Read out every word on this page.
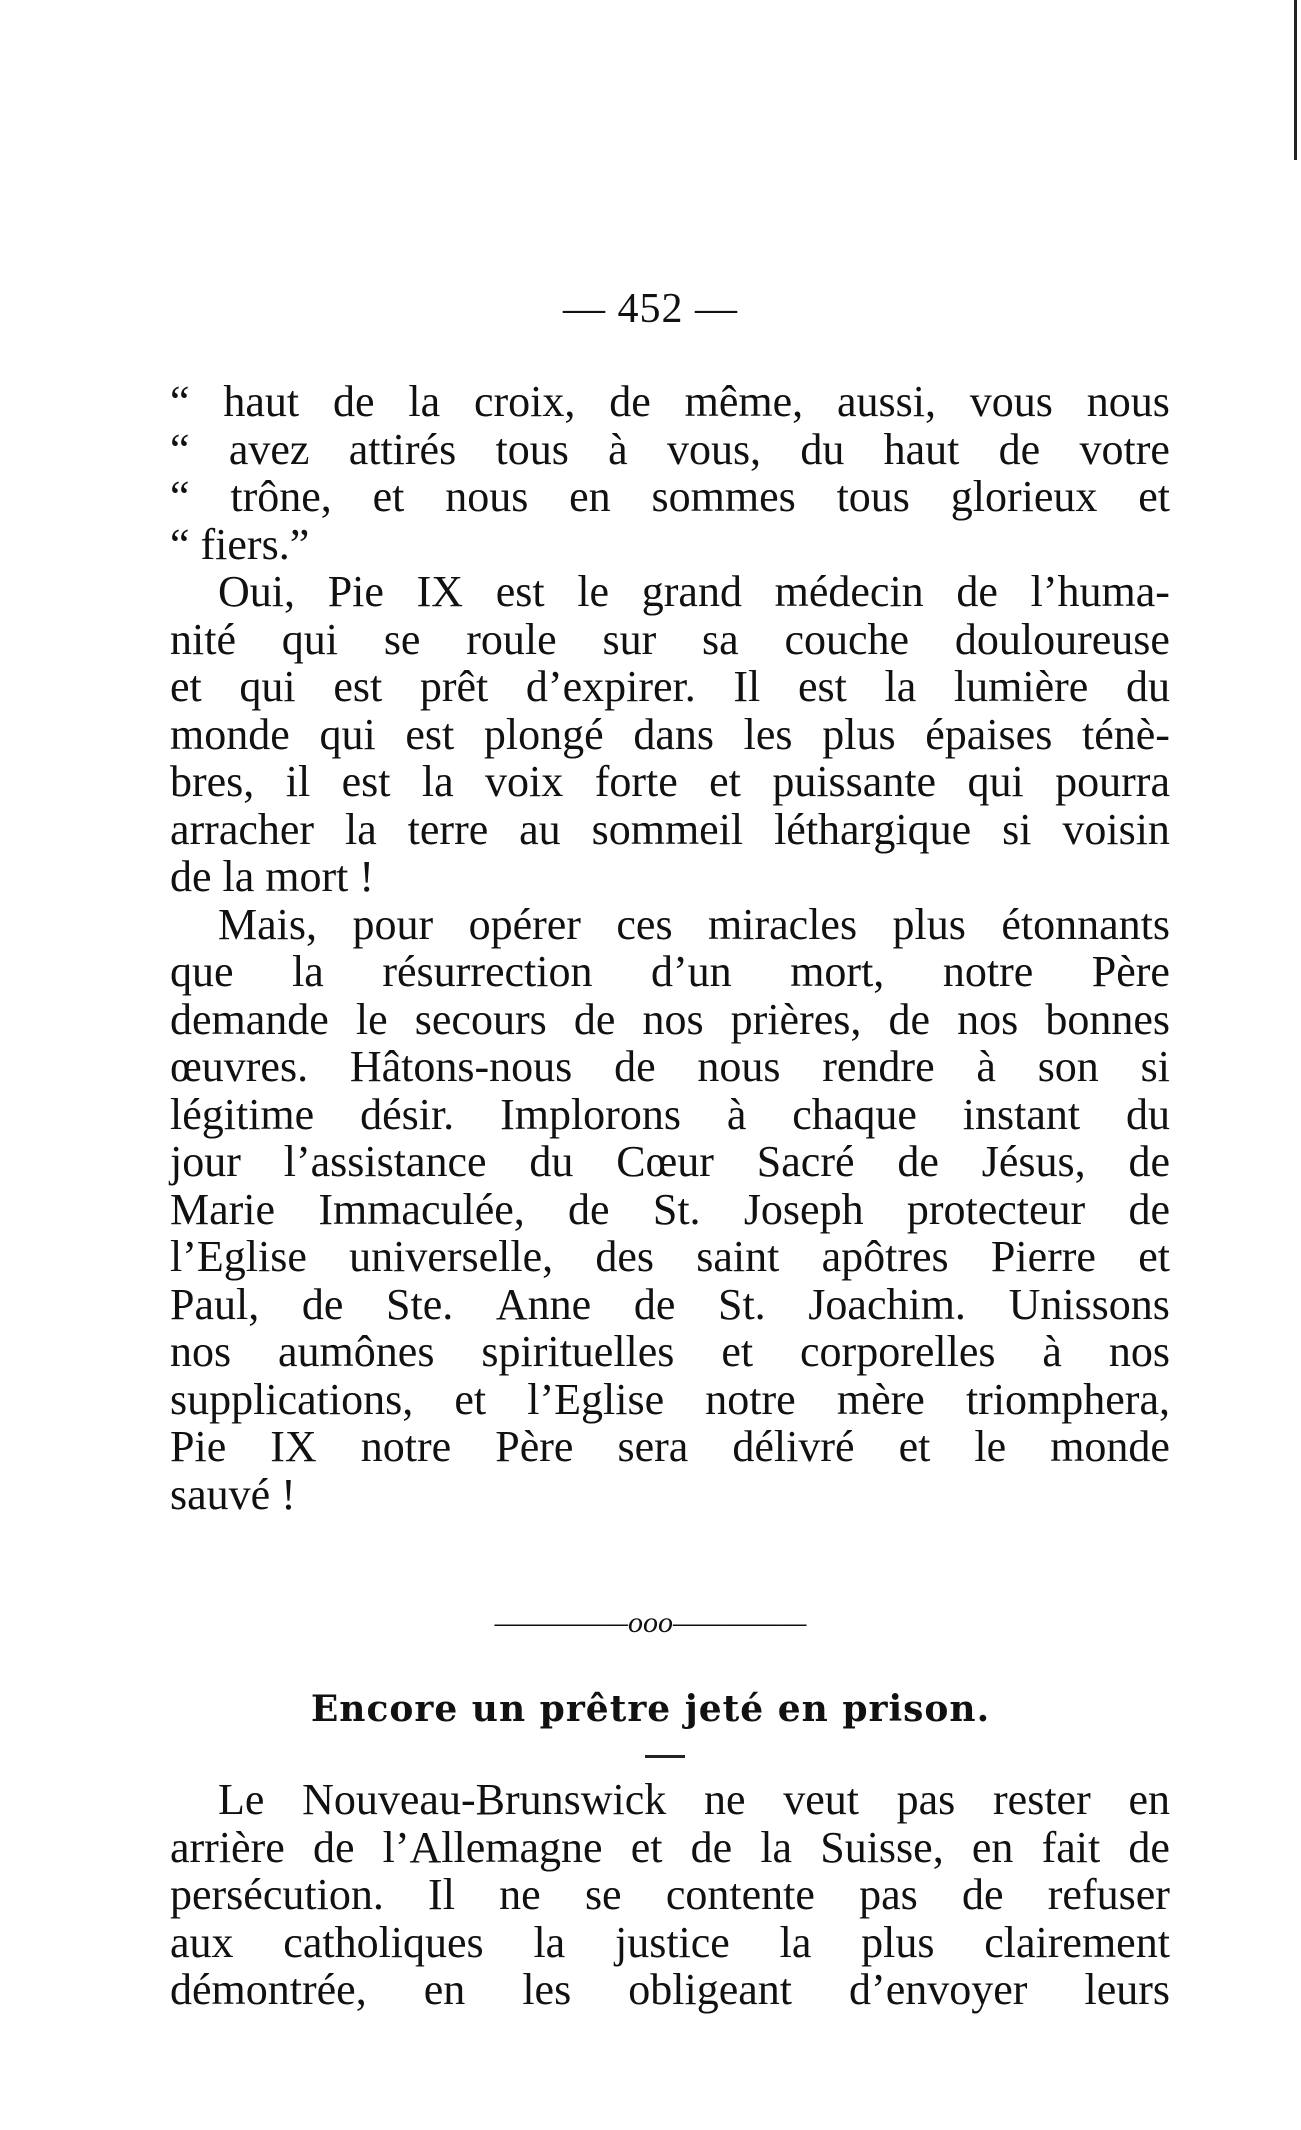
— 452 —
“ haut de la croix, de même, aussi, vous nous
“ avez attirés tous à vous, du haut de votre
“ trône, et nous en sommes tous glorieux et
“ fiers.”
Oui, Pie IX est le grand médecin de l’huma-
nité qui se roule sur sa couche douloureuse
et qui est prêt d’expirer. Il est la lumière du
monde qui est plongé dans les plus épaises ténè-
bres, il est la voix forte et puissante qui pourra
arracher la terre au sommeil léthargique si voisin
de la mort !
Mais, pour opérer ces miracles plus étonnants
que la résurrection d’un mort, notre Père
demande le secours de nos prières, de nos bonnes
œuvres. Hâtons-nous de nous rendre à son si
légitime désir. Implorons à chaque instant du
jour l’assistance du Cœur Sacré de Jésus, de
Marie Immaculée, de St. Joseph protecteur de
l’Eglise universelle, des saint apôtres Pierre et
Paul, de Ste. Anne de St. Joachim. Unissons
nos aumônes spirituelles et corporelles à nos
supplications, et l’Eglise notre mère triomphera,
Pie IX notre Père sera délivré et le monde
sauvé !
—————ooo—————
Encore un prêtre jeté en prison.
Le Nouveau-Brunswick ne veut pas rester en
arrière de l’Allemagne et de la Suisse, en fait de
persécution. Il ne se contente pas de refuser
aux catholiques la justice la plus clairement
démontrée, en les obligeant d’envoyer leurs
